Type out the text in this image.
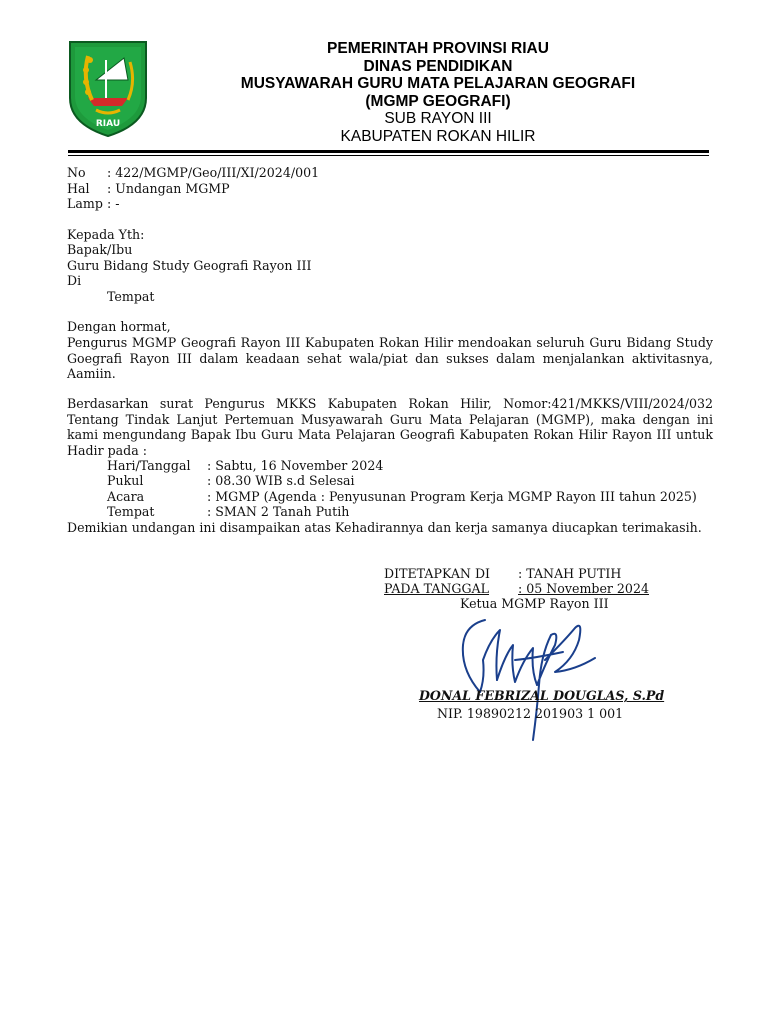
RIAU
PEMERINTAH PROVINSI RIAU
DINAS PENDIDIKAN
MUSYAWARAH GURU MATA PELAJARAN GEOGRAFI
(MGMP GEOGRAFI)
SUB RAYON III
KABUPATEN ROKAN HILIR
No : 422/MGMP/Geo/III/XI/2024/001
Hal : Undangan MGMP
Lamp : -
Kepada Yth:
Bapak/Ibu
Guru Bidang Study Geografi Rayon III
Di
Tempat
Dengan hormat,
Pengurus MGMP Geografi Rayon III Kabupaten Rokan Hilir mendoakan seluruh Guru Bidang Study Goegrafi Rayon III dalam keadaan sehat wala/piat dan sukses dalam menjalankan aktivitasnya, Aamiin.
Berdasarkan surat Pengurus MKKS Kabupaten Rokan Hilir, Nomor:421/MKKS/VIII/2024/032 Tentang Tindak Lanjut Pertemuan Musyawarah Guru Mata Pelajaran (MGMP), maka dengan ini kami mengundang Bapak Ibu Guru Mata Pelajaran Geografi Kabupaten Rokan Hilir Rayon III untuk Hadir pada :
Hari/Tanggal : Sabtu, 16 November 2024
Pukul	: 08.30 WIB s.d Selesai
Acara	: MGMP (Agenda : Penyusunan Program Kerja MGMP Rayon III tahun 2025)
Tempat	: SMAN 2 Tanah Putih
Demikian undangan ini disampaikan atas Kehadirannya dan kerja samanya diucapkan terimakasih.
DITETAPKAN DI : TANAH PUTIH
PADA TANGGAL	: 05 November 2024
Ketua MGMP Rayon III
DONAL FEBRIZAL DOUGLAS, S.Pd
NIP. 19890212 201903 1 001
